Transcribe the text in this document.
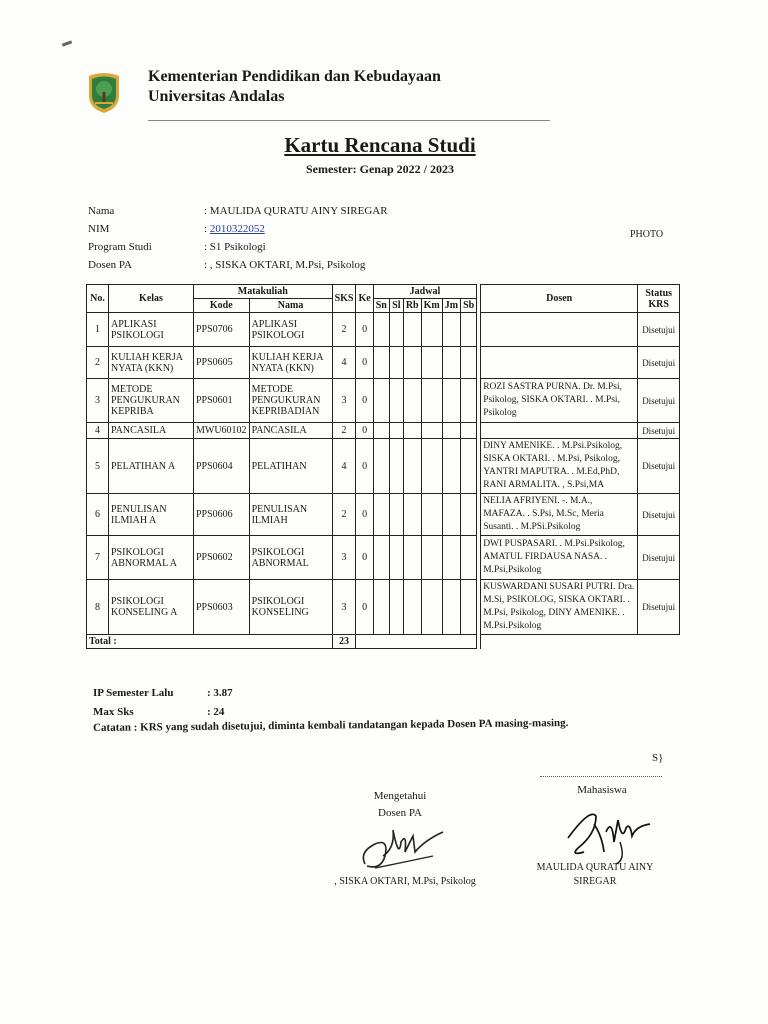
Kementerian Pendidikan dan Kebudayaan
Universitas Andalas
Kartu Rencana Studi
Semester: Genap 2022 / 2023
Nama	: MAULIDA QURATU AINY SIREGAR
NIM	: 2010322052
Program Studi	: S1 Psikologi
Dosen PA	: , SISKA OKTARI, M.Psi, Psikolog
PHOTO
No.	Kelas	Matakuliah		SKS	Ke	Jadwal							Dosen	Status KRS
		Kode	Nama			Sn	Sl	Rb	Km	Jm	Sb			
1	APLIKASI PSIKOLOGI	PPS0706	APLIKASI PSIKOLOGI	2	0									Disetujui
2	KULIAH KERJA NYATA (KKN)	PPS0605	KULIAH KERJA NYATA (KKN)	4	0									Disetujui
3	METODE PENGUKURAN KEPRIBA	PPS0601	METODE PENGUKURAN KEPRIBADIAN	3	0								ROZI SASTRA PURNA. Dr. M.Psi, Psikolog, SISKA OKTARI. . M.Psi, Psikolog	Disetujui
4	PANCASILA	MWU60102	PANCASILA	2	0									Disetujui
5	PELATIHAN A	PPS0604	PELATIHAN	4	0								DINY AMENIKE. . M.Psi.Psikolog, SISKA OKTARI. . M.Psi, Psikolog, YANTRI MAPUTRA. . M.Ed,PhD, RANI ARMALITA. , S.Psi,MA	Disetujui
6	PENULISAN ILMIAH A	PPS0606	PENULISAN ILMIAH	2	0								NELIA AFRIYENI. -. M.A., MAFAZA. . S.Psi, M.Sc, Meria Susanti. . M.PSi.Psikolog	Disetujui
7	PSIKOLOGI ABNORMAL A	PPS0602	PSIKOLOGI ABNORMAL	3	0								DWI PUSPASARI. . M.Psi.Psikolog, AMATUL FIRDAUSA NASA. . M.Psi,Psikolog	Disetujui
8	PSIKOLOGI KONSELING A	PPS0603	PSIKOLOGI KONSELING	3	0								KUSWARDANI SUSARI PUTRI. Dra. M.Si, PSIKOLOG, SISKA OKTARI. . M.Psi, Psikolog, DINY AMENIKE. . M.Psi.Psikolog	Disetujui
Total :				23										
IP Semester Lalu	: 3.87
Max Sks	: 24
Catatan : KRS yang sudah disetujui, diminta kembali tandatangan kepada Dosen PA masing-masing.
S}
Mengetahui
Dosen PA
, SISKA OKTARI, M.Psi, Psikolog
Mahasiswa
MAULIDA QURATU AINY
SIREGAR
